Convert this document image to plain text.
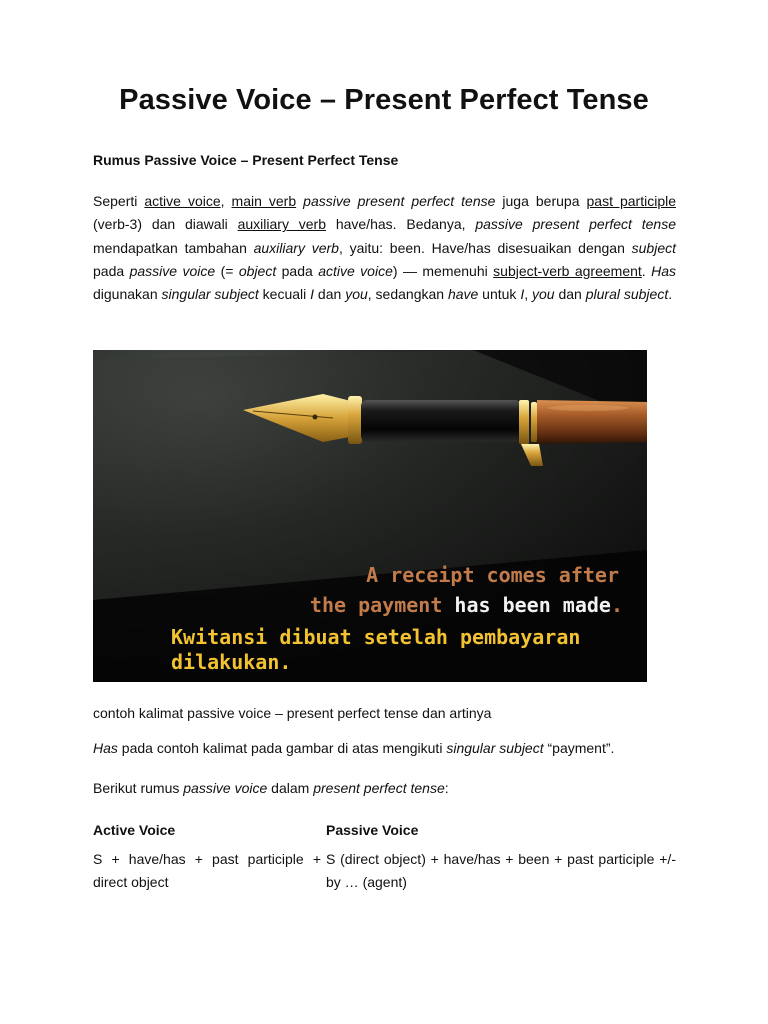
Passive Voice – Present Perfect Tense

Rumus Passive Voice – Present Perfect Tense

Seperti active voice, main verb passive present perfect tense juga berupa past participle (verb-3) dan diawali auxiliary verb have/has. Bedanya, passive present perfect tense mendapatkan tambahan auxiliary verb, yaitu: been. Have/has disesuaikan dengan subject pada passive voice (= object pada active voice) — memenuhi subject-verb agreement. Has digunakan singular subject kecuali I dan you, sedangkan have untuk I, you dan plural subject.

A receipt comes after
the payment has been made.
Kwitansi dibuat setelah pembayaran
dilakukan.

contoh kalimat passive voice – present perfect tense dan artinya

Has pada contoh kalimat pada gambar di atas mengikuti singular subject “payment”.

Berikut rumus passive voice dalam present perfect tense:

Active Voice	Passive Voice
S + have/has + past participle + direct object
S (direct object) + have/has + been + past participle +/- by … (agent)
